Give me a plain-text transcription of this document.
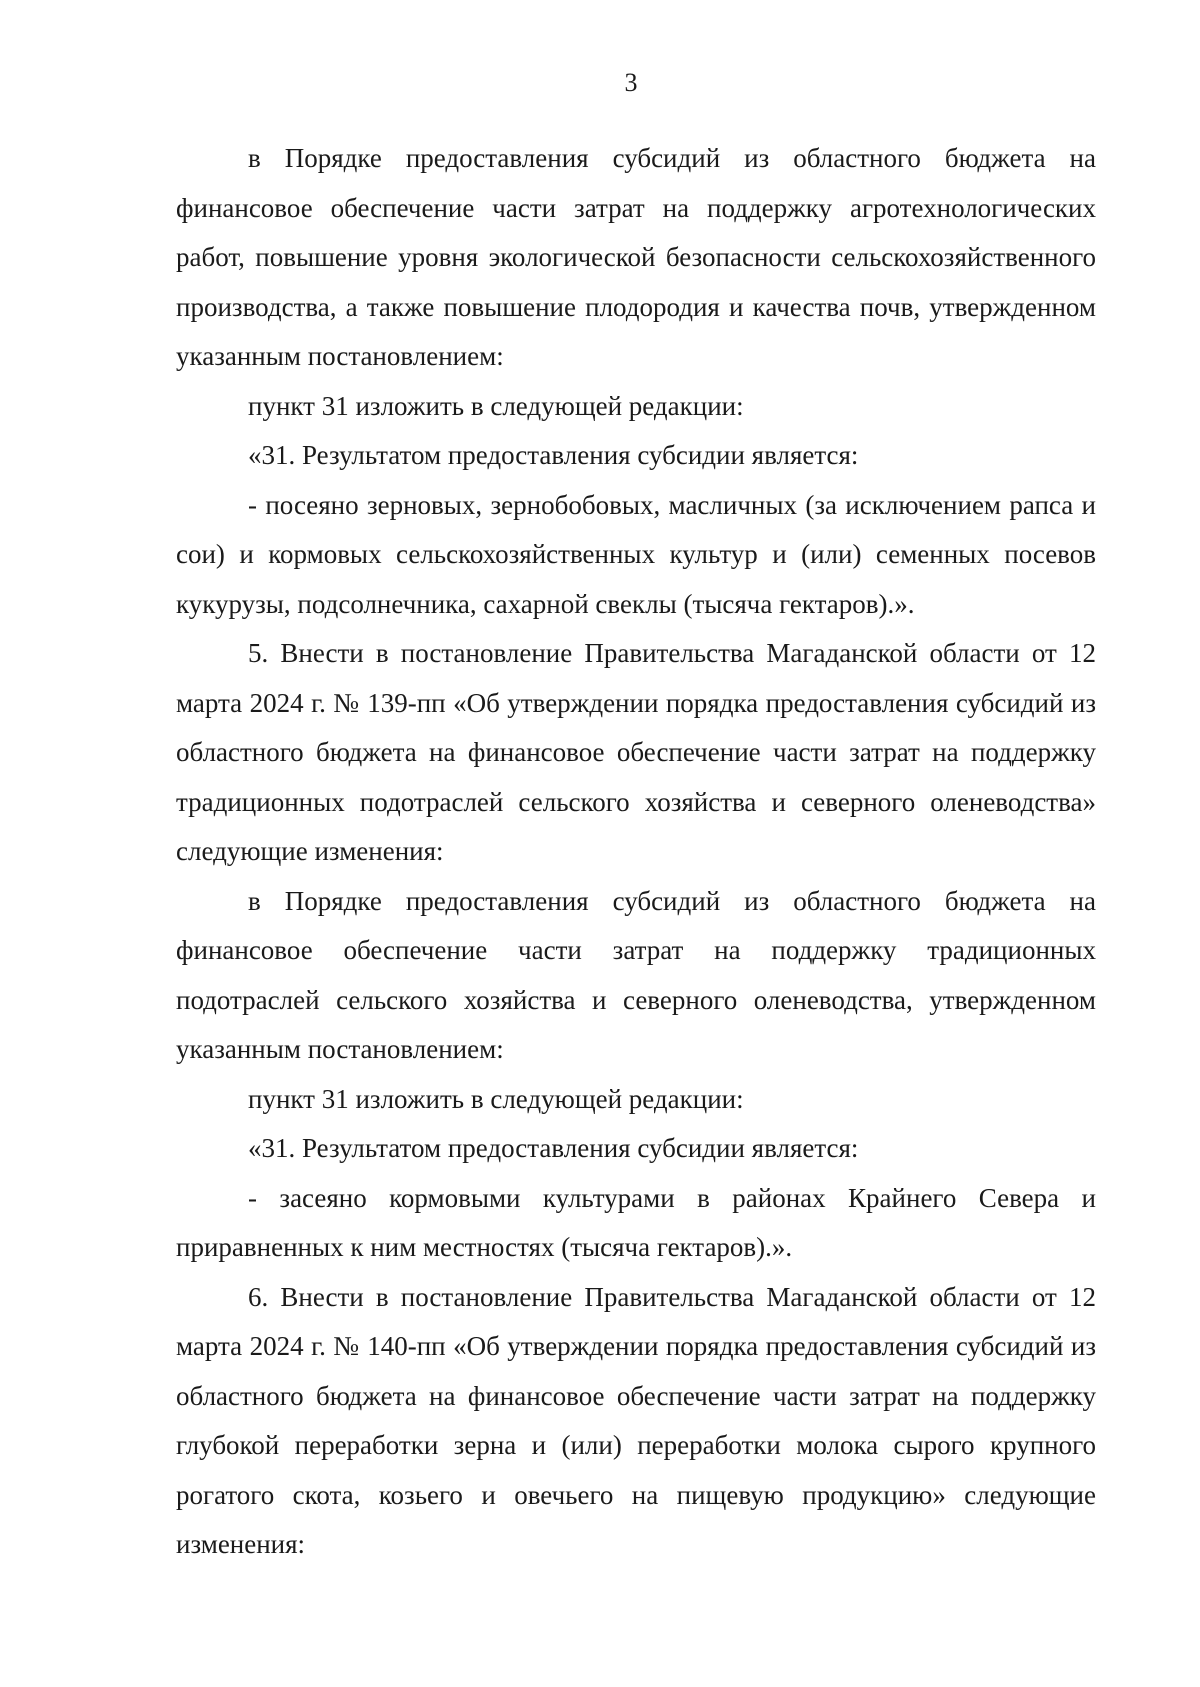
3

в Порядке предоставления субсидий из областного бюджета на финансовое обеспечение части затрат на поддержку агротехнологических работ, повышение уровня экологической безопасности сельскохозяйственного производства, а также повышение плодородия и качества почв, утвержденном указанным постановлением:

пункт 31 изложить в следующей редакции:

«31. Результатом предоставления субсидии является:

- посеяно зерновых, зернобобовых, масличных (за исключением рапса и сои) и кормовых сельскохозяйственных культур и (или) семенных посевов кукурузы, подсолнечника, сахарной свеклы (тысяча гектаров).».

5. Внести в постановление Правительства Магаданской области от 12 марта 2024 г. № 139-пп «Об утверждении порядка предоставления субсидий из областного бюджета на финансовое обеспечение части затрат на поддержку традиционных подотраслей сельского хозяйства и северного оленеводства» следующие изменения:

в Порядке предоставления субсидий из областного бюджета на финансовое обеспечение части затрат на поддержку традиционных подотраслей сельского хозяйства и северного оленеводства, утвержденном указанным постановлением:

пункт 31 изложить в следующей редакции:

«31. Результатом предоставления субсидии является:

- засеяно кормовыми культурами в районах Крайнего Севера и приравненных к ним местностях (тысяча гектаров).».

6. Внести в постановление Правительства Магаданской области от 12 марта 2024 г. № 140-пп «Об утверждении порядка предоставления субсидий из областного бюджета на финансовое обеспечение части затрат на поддержку глубокой переработки зерна и (или) переработки молока сырого крупного рогатого скота, козьего и овечьего на пищевую продукцию» следующие изменения:
